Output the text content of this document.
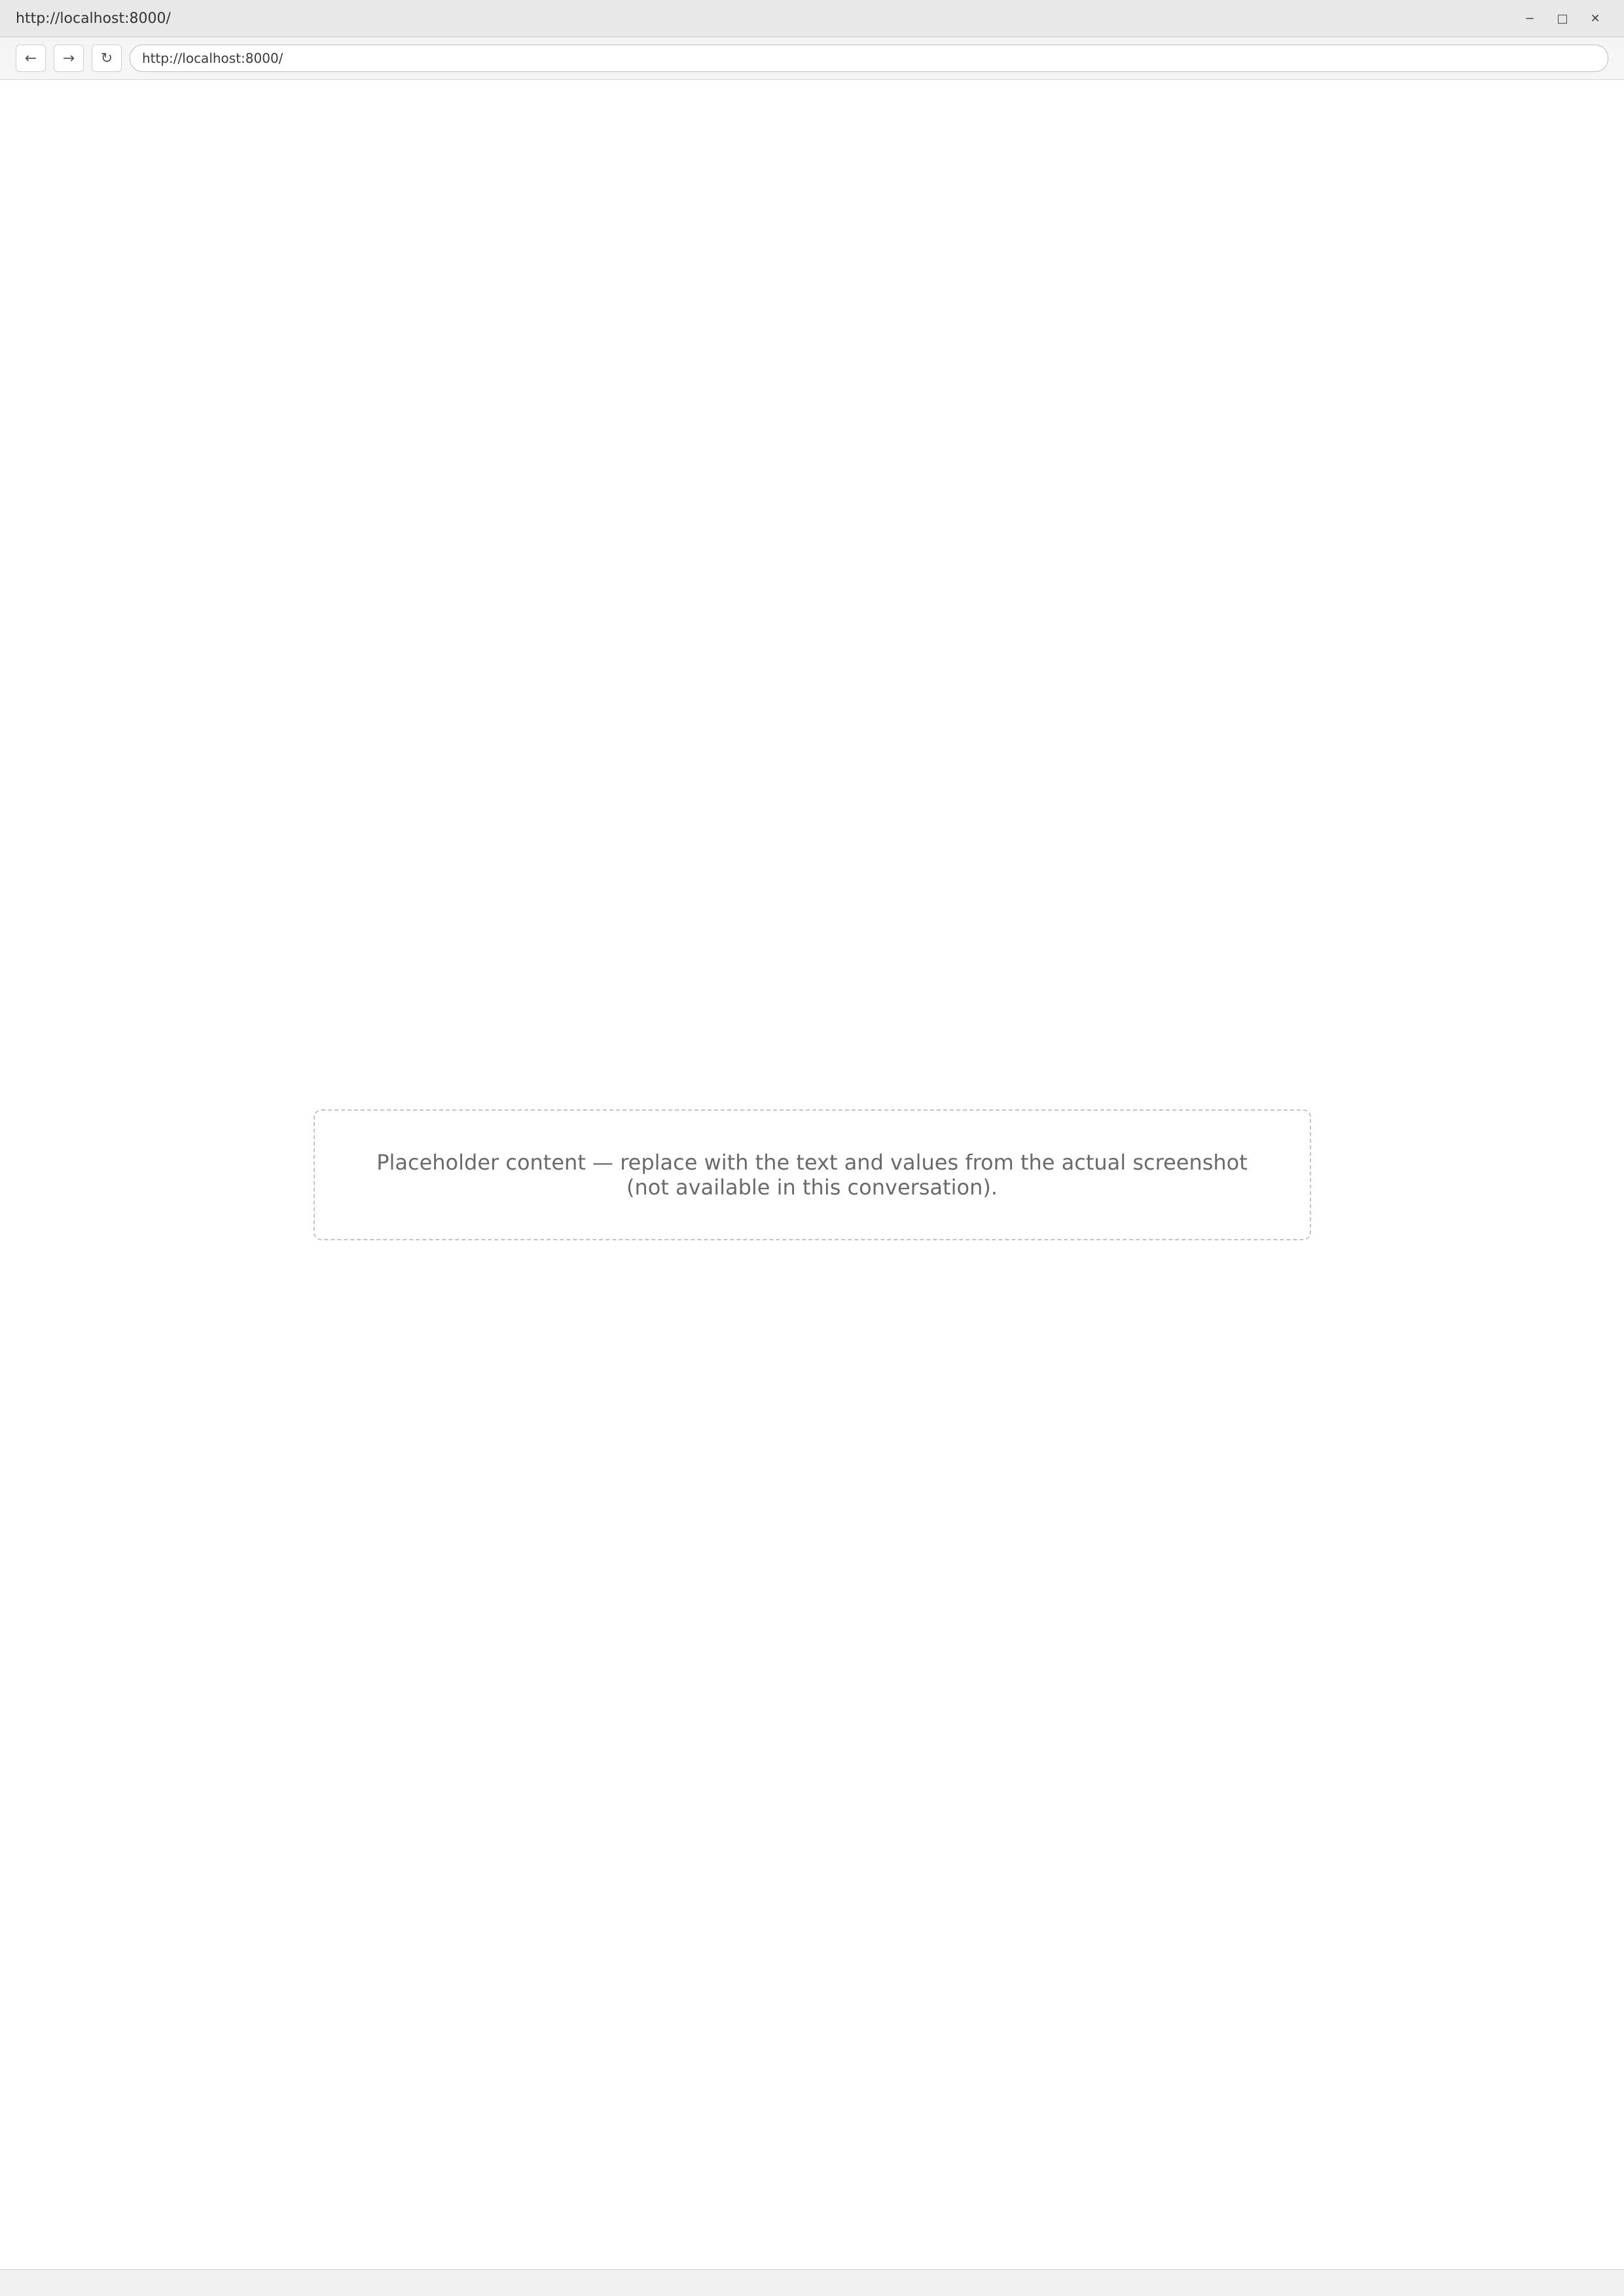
http://localhost:8000/	−	□	✕
←	→	↻	http://localhost:8000/
Placeholder content — replace with the text and values from the actual screenshot (not available in this conversation).
